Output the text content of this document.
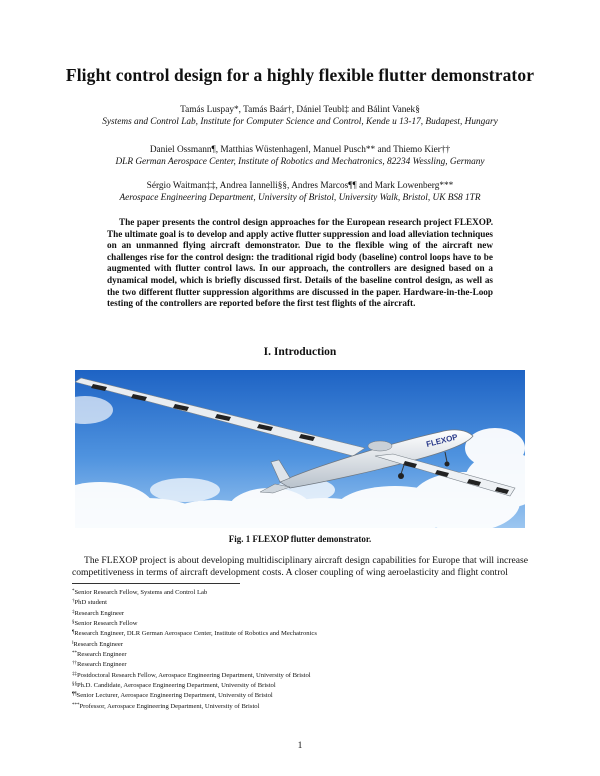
Flight control design for a highly flexible flutter demonstrator
Tamás Luspay*, Tamás Baár†, Dániel Teubl‡ and Bálint Vanek§
Systems and Control Lab, Institute for Computer Science and Control, Kende u 13-17, Budapest, Hungary
Daniel Ossmann¶, Matthias Wüstenhagen‖, Manuel Pusch** and Thiemo Kier††
DLR German Aerospace Center, Institute of Robotics and Mechatronics, 82234 Wessling, Germany
Sérgio Waitman‡‡, Andrea Iannelli§§, Andres Marcos¶¶ and Mark Lowenberg***
Aerospace Engineering Department, University of Bristol, University Walk, Bristol, UK BS8 1TR
The paper presents the control design approaches for the European research project FLEXOP. The ultimate goal is to develop and apply active flutter suppression and load alleviation techniques on an unmanned flying aircraft demonstrator. Due to the flexible wing of the aircraft new challenges rise for the control design: the traditional rigid body (baseline) control loops have to be augmented with flutter control laws. In our approach, the controllers are designed based on a dynamical model, which is briefly discussed first. Details of the baseline control design, as well as the two different flutter suppression algorithms are discussed in the paper. Hardware-in-the-Loop testing of the controllers are reported before the first test flights of the aircraft.
I. Introduction
FLEXOP
Fig. 1 FLEXOP flutter demonstrator.
The FLEXOP project is about developing multidisciplinary aircraft design capabilities for Europe that will increase competitiveness in terms of aircraft development costs. A closer coupling of wing aeroelasticity and flight control
*Senior Research Fellow, Systems and Control Lab
†PhD student
‡Research Engineer
§Senior Research Fellow
¶Research Engineer, DLR German Aerospace Center, Institute of Robotics and Mechatronics
‖Research Engineer
**Research Engineer
††Research Engineer
‡‡Postdoctoral Research Fellow, Aerospace Engineering Department, University of Bristol
§§Ph.D. Candidate, Aerospace Engineering Department, University of Bristol
¶¶Senior Lecturer, Aerospace Engineering Department, University of Bristol
***Professor, Aerospace Engineering Department, University of Bristol
1
